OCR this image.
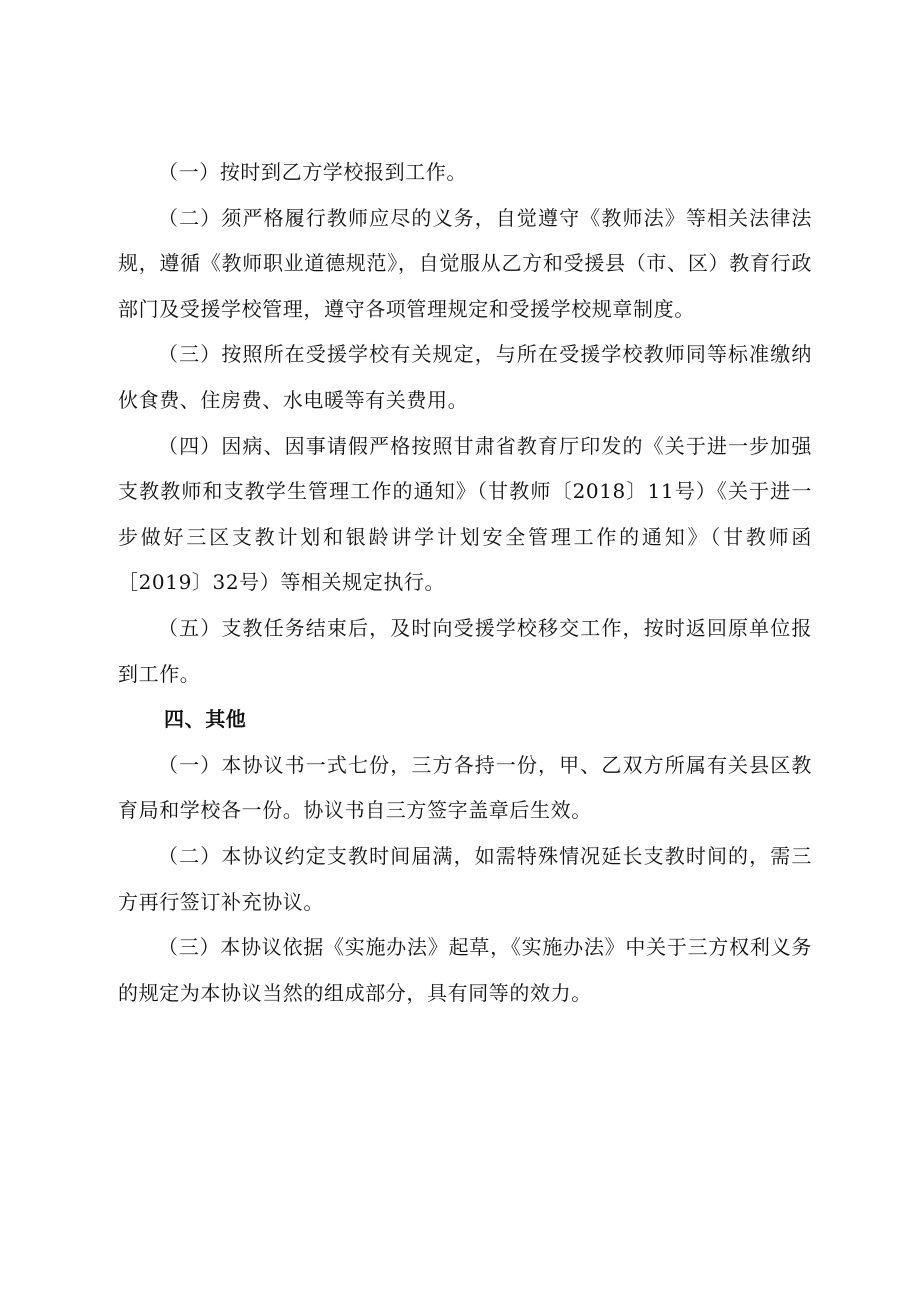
（一）按时到乙方学校报到工作。

（二）须严格履行教师应尽的义务，自觉遵守《教师法》等相关法律法规，遵循《教师职业道德规范》，自觉服从乙方和受援县（市、区）教育行政部门及受援学校管理，遵守各项管理规定和受援学校规章制度。

（三）按照所在受援学校有关规定，与所在受援学校教师同等标准缴纳伙食费、住房费、水电暖等有关费用。

（四）因病、因事请假严格按照甘肃省教育厅印发的《关于进一步加强支教教师和支教学生管理工作的通知》（甘教师〔2018〕11号）《关于进一步做好三区支教计划和银龄讲学计划安全管理工作的通知》（甘教师函［2019〕32号）等相关规定执行。

（五）支教任务结束后，及时向受援学校移交工作，按时返回原单位报到工作。

四、其他

（一）本协议书一式七份，三方各持一份，甲、乙双方所属有关县区教育局和学校各一份。协议书自三方签字盖章后生效。

（二）本协议约定支教时间届满，如需特殊情况延长支教时间的，需三方再行签订补充协议。

（三）本协议依据《实施办法》起草，《实施办法》中关于三方权利义务的规定为本协议当然的组成部分，具有同等的效力。
